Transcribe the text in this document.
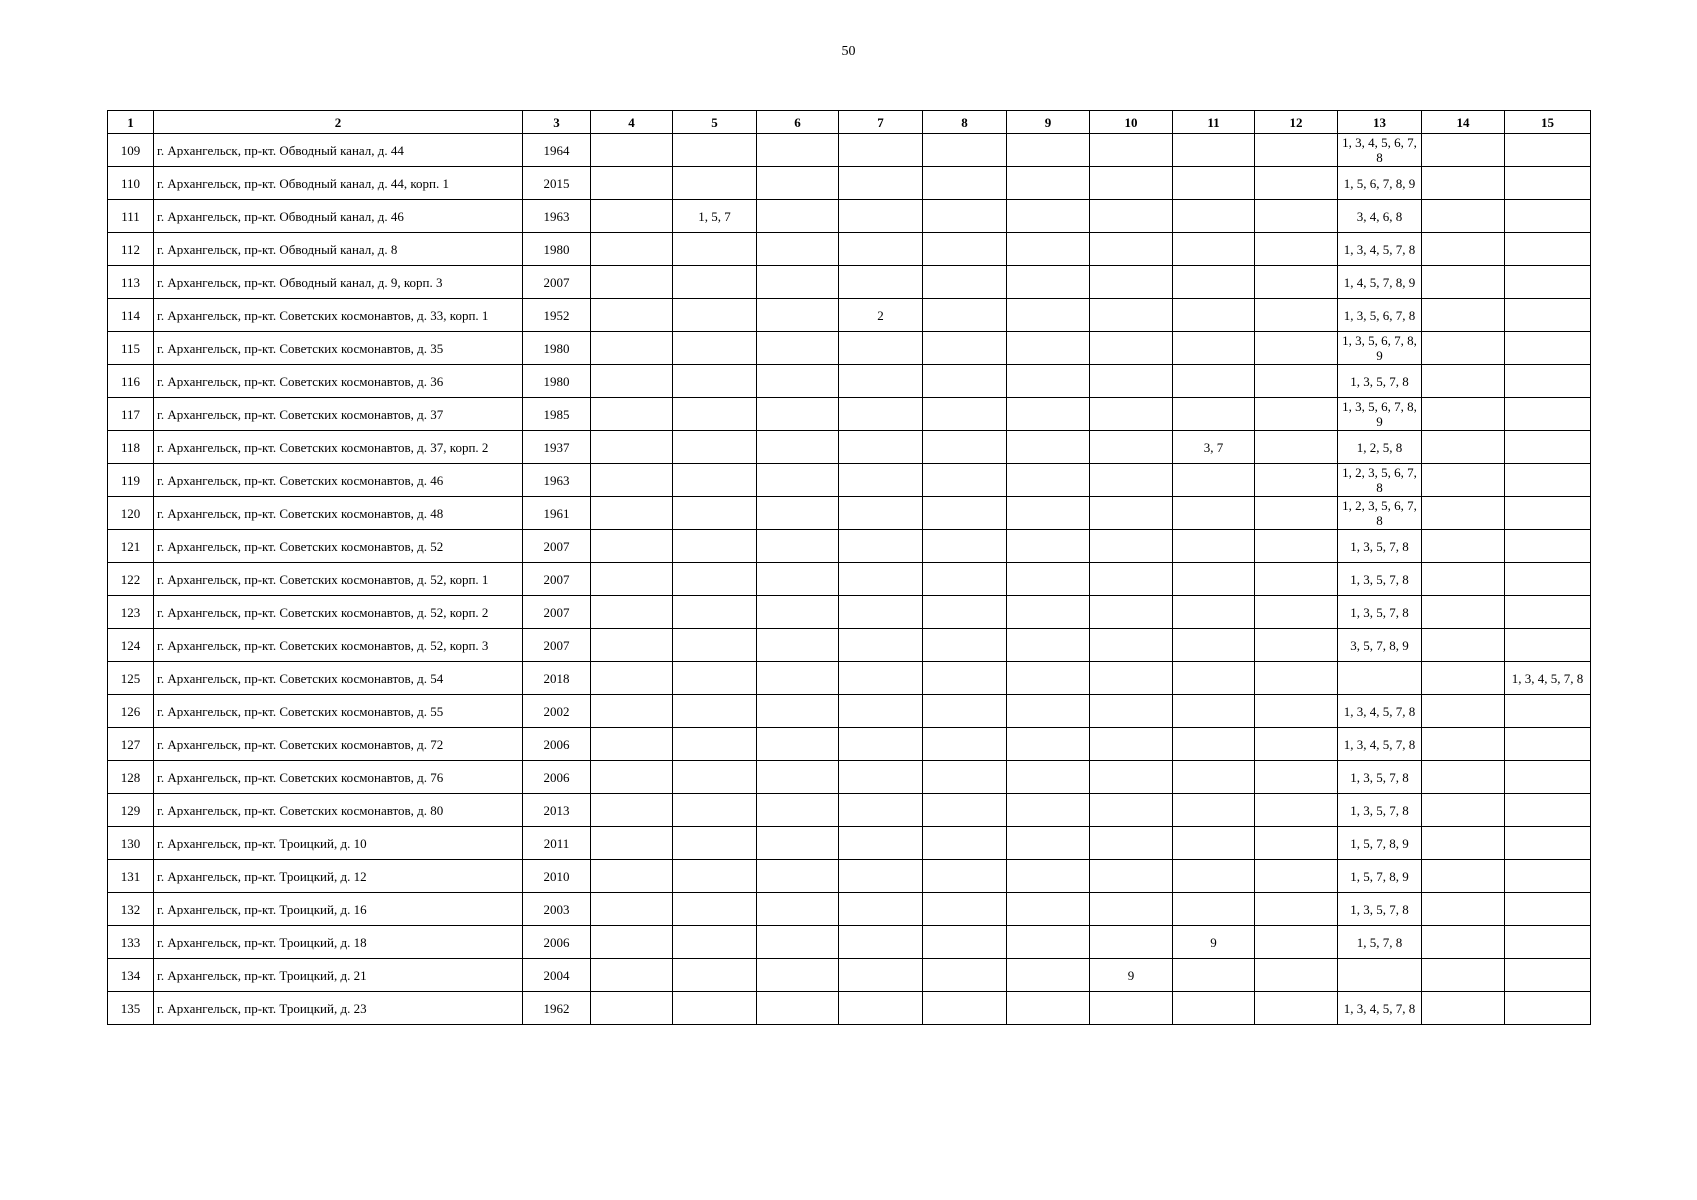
50
1	2	3	4	5	6	7	8	9	10	11	12	13	14	15
109	г. Архангельск, пр-кт. Обводный канал, д. 44	1964										1, 3, 4, 5, 6, 7, 8		
110	г. Архангельск, пр-кт. Обводный канал, д. 44, корп. 1	2015										1, 5, 6, 7, 8, 9		
111	г. Архангельск, пр-кт. Обводный канал, д. 46	1963		1, 5, 7								3, 4, 6, 8		
112	г. Архангельск, пр-кт. Обводный канал, д. 8	1980										1, 3, 4, 5, 7, 8		
113	г. Архангельск, пр-кт. Обводный канал, д. 9, корп. 3	2007										1, 4, 5, 7, 8, 9		
114	г. Архангельск, пр-кт. Советских космонавтов, д. 33, корп. 1	1952				2						1, 3, 5, 6, 7, 8		
115	г. Архангельск, пр-кт. Советских космонавтов, д. 35	1980										1, 3, 5, 6, 7, 8, 9		
116	г. Архангельск, пр-кт. Советских космонавтов, д. 36	1980										1, 3, 5, 7, 8		
117	г. Архангельск, пр-кт. Советских космонавтов, д. 37	1985										1, 3, 5, 6, 7, 8, 9		
118	г. Архангельск, пр-кт. Советских космонавтов, д. 37, корп. 2	1937								3, 7		1, 2, 5, 8		
119	г. Архангельск, пр-кт. Советских космонавтов, д. 46	1963										1, 2, 3, 5, 6, 7, 8		
120	г. Архангельск, пр-кт. Советских космонавтов, д. 48	1961										1, 2, 3, 5, 6, 7, 8		
121	г. Архангельск, пр-кт. Советских космонавтов, д. 52	2007										1, 3, 5, 7, 8		
122	г. Архангельск, пр-кт. Советских космонавтов, д. 52, корп. 1	2007										1, 3, 5, 7, 8		
123	г. Архангельск, пр-кт. Советских космонавтов, д. 52, корп. 2	2007										1, 3, 5, 7, 8		
124	г. Архангельск, пр-кт. Советских космонавтов, д. 52, корп. 3	2007										3, 5, 7, 8, 9		
125	г. Архангельск, пр-кт. Советских космонавтов, д. 54	2018												1, 3, 4, 5, 7, 8
126	г. Архангельск, пр-кт. Советских космонавтов, д. 55	2002										1, 3, 4, 5, 7, 8		
127	г. Архангельск, пр-кт. Советских космонавтов, д. 72	2006										1, 3, 4, 5, 7, 8		
128	г. Архангельск, пр-кт. Советских космонавтов, д. 76	2006										1, 3, 5, 7, 8		
129	г. Архангельск, пр-кт. Советских космонавтов, д. 80	2013										1, 3, 5, 7, 8		
130	г. Архангельск, пр-кт. Троицкий, д. 10	2011										1, 5, 7, 8, 9		
131	г. Архангельск, пр-кт. Троицкий, д. 12	2010										1, 5, 7, 8, 9		
132	г. Архангельск, пр-кт. Троицкий, д. 16	2003										1, 3, 5, 7, 8		
133	г. Архангельск, пр-кт. Троицкий, д. 18	2006								9		1, 5, 7, 8		
134	г. Архангельск, пр-кт. Троицкий, д. 21	2004							9					
135	г. Архангельск, пр-кт. Троицкий, д. 23	1962										1, 3, 4, 5, 7, 8		
